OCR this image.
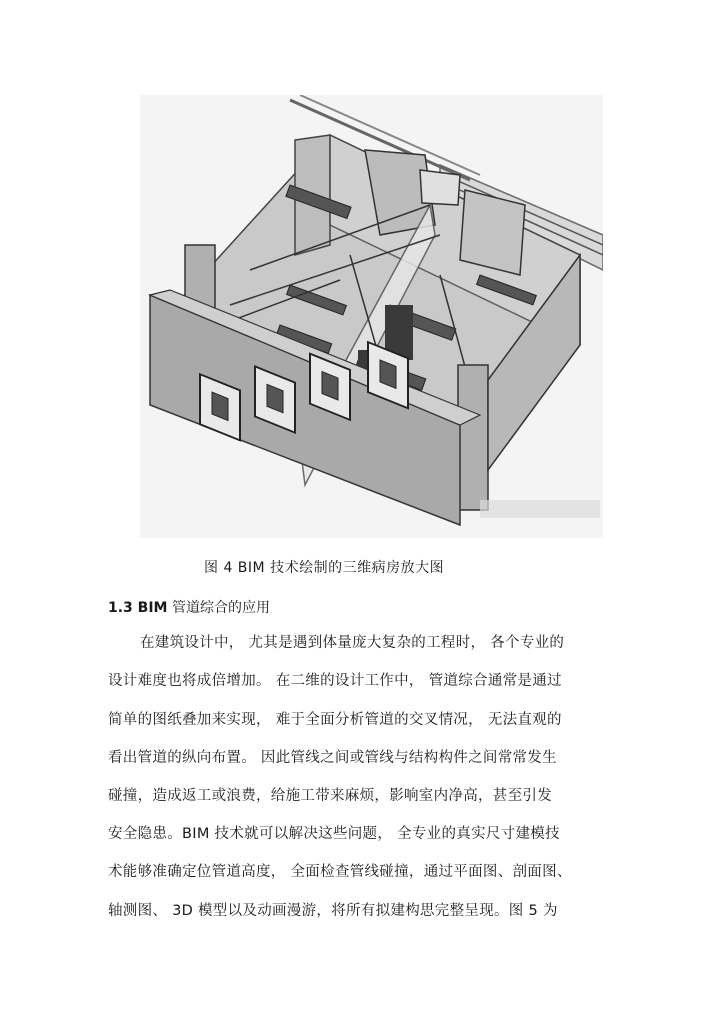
图 4 BIM 技术绘制的三维病房放大图
1.3 BIM 管道综合的应用
在建筑设计中， 尤其是遇到体量庞大复杂的工程时， 各个专业的
设计难度也将成倍增加。 在二维的设计工作中， 管道综合通常是通过
简单的图纸叠加来实现， 难于全面分析管道的交叉情况， 无法直观的
看出管道的纵向布置。 因此管线之间或管线与结构构件之间常常发生
碰撞，造成返工或浪费，给施工带来麻烦，影响室内净高，甚至引发
安全隐患。BIM 技术就可以解决这些问题， 全专业的真实尺寸建模技
术能够准确定位管道高度， 全面检查管线碰撞，通过平面图、剖面图、
轴测图、 3D 模型以及动画漫游，将所有拟建构思完整呈现。图 5 为
